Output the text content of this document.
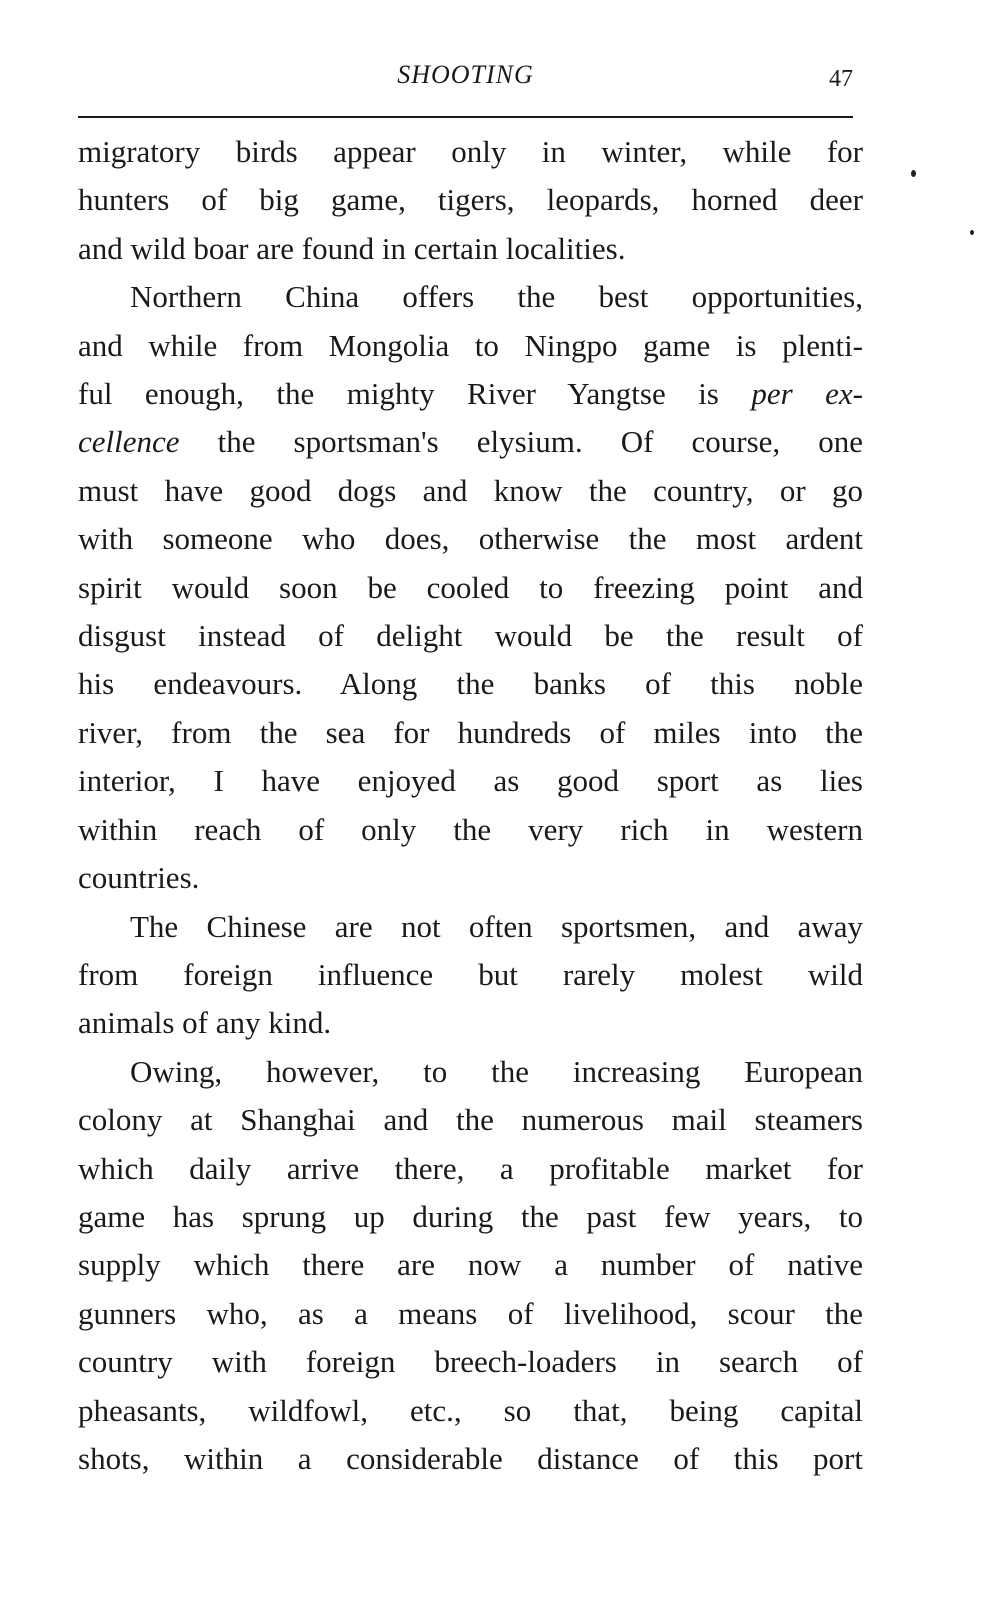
SHOOTING	47
migratory birds appear only in winter, while for
hunters of big game, tigers, leopards, horned deer
and wild boar are found in certain localities.
Northern China offers the best opportunities,
and while from Mongolia to Ningpo game is plenti-
ful enough, the mighty River Yangtse is per ex-
cellence the sportsman's elysium. Of course, one
must have good dogs and know the country, or go
with someone who does, otherwise the most ardent
spirit would soon be cooled to freezing point and
disgust instead of delight would be the result of
his endeavours. Along the banks of this noble
river, from the sea for hundreds of miles into the
interior, I have enjoyed as good sport as lies
within reach of only the very rich in western
countries.
The Chinese are not often sportsmen, and away
from foreign influence but rarely molest wild
animals of any kind.
Owing, however, to the increasing European
colony at Shanghai and the numerous mail steamers
which daily arrive there, a profitable market for
game has sprung up during the past few years, to
supply which there are now a number of native
gunners who, as a means of livelihood, scour the
country with foreign breech-loaders in search of
pheasants, wildfowl, etc., so that, being capital
shots, within a considerable distance of this port
